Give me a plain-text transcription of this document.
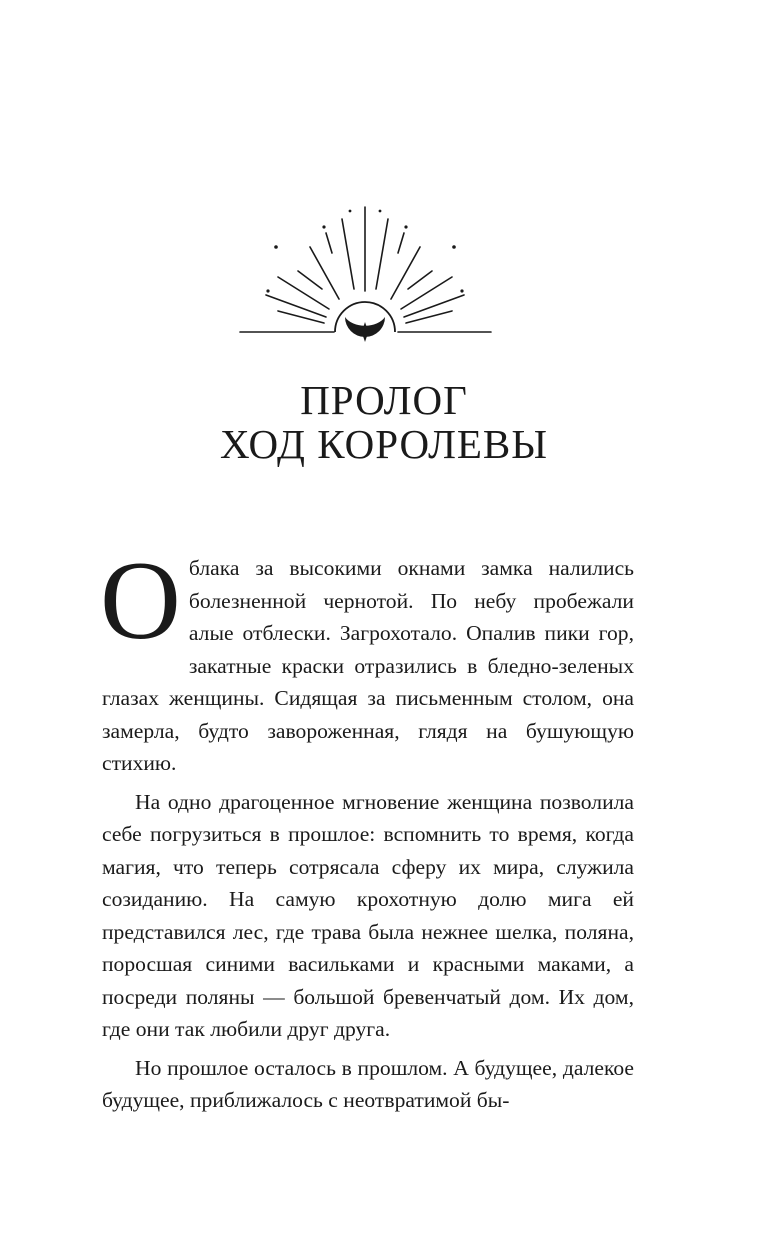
ПРОЛОГ
ХОД КОРОЛЕВЫ

Облака за высокими окнами замка налились болезненной чернотой. По небу пробежали алые отблески. Загрохотало. Опалив пики гор, закатные краски отразились в бледно-зеленых глазах женщины. Сидящая за письменным столом, она замерла, будто завороженная, глядя на бушующую стихию.

На одно драгоценное мгновение женщина позволила себе погрузиться в прошлое: вспомнить то время, когда магия, что теперь сотрясала сферу их мира, служила созиданию. На самую крохотную долю мига ей представился лес, где трава была нежнее шелка, поляна, поросшая синими васильками и красными маками, а посреди поляны — большой бревенчатый дом. Их дом, где они так любили друг друга.

Но прошлое осталось в прошлом. А будущее, далекое будущее, приближалось с неотвратимой бы-
